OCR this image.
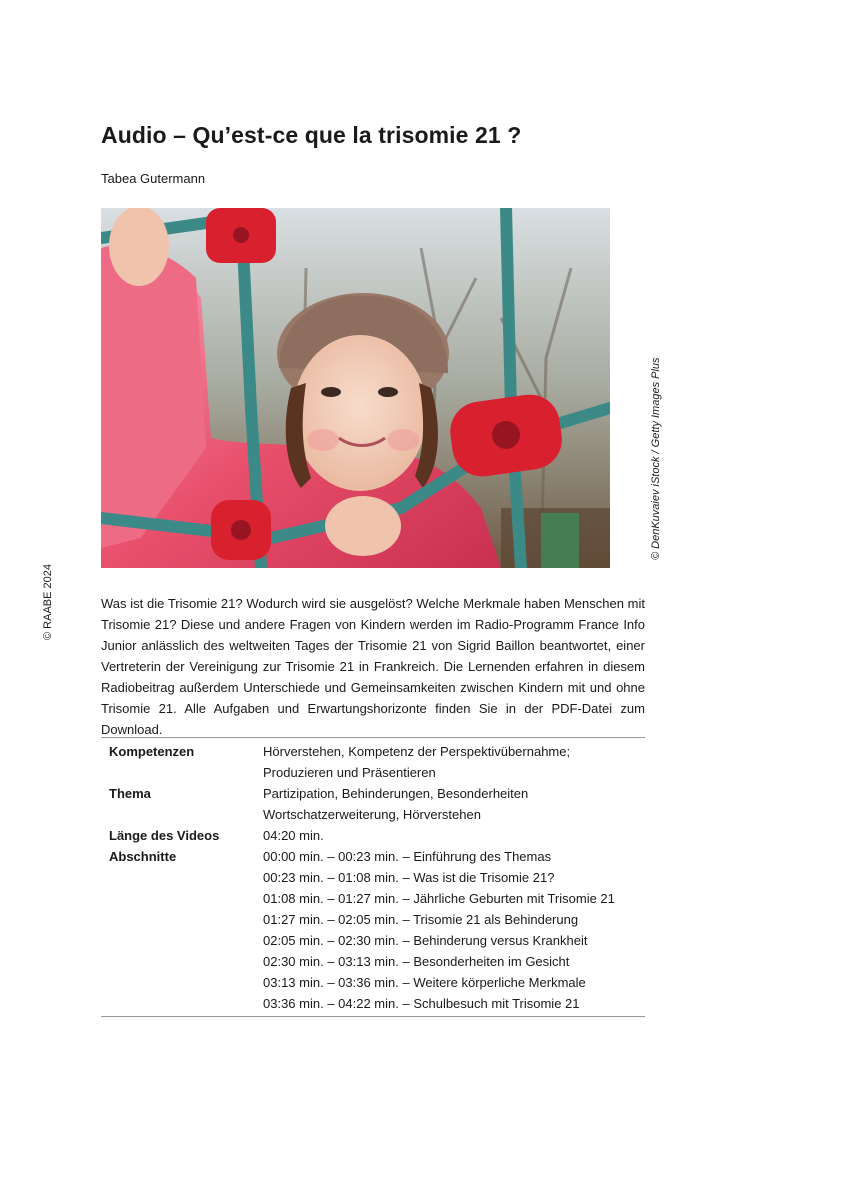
Audio – Qu’est-ce que la trisomie 21 ?
Tabea Gutermann
© DenKuvaiev iStock / Getty Images Plus
© RAABE 2024	Was ist die Trisomie 21? Wodurch wird sie ausgelöst? Welche Merkmale haben Menschen mit Trisomie 21? Diese und andere Fragen von Kindern werden im Radio-Programm France Info Junior anlässlich des weltweiten Tages der Trisomie 21 von Sigrid Baillon beantwortet, einer Vertreterin der Vereinigung zur Trisomie 21 in Frankreich. Die Lernenden erfahren in diesem Radiobeitrag außerdem Unterschiede und Gemeinsamkeiten zwischen Kindern mit und ohne Trisomie 21. Alle Aufgaben und Erwartungshorizonte finden Sie in der PDF-Datei zum Download.

Kompetenzen	Hörverstehen, Kompetenz der Perspektivübernahme;
Produzieren und Präsentieren
Thema	Partizipation, Behinderungen, Besonderheiten
Wortschatzerweiterung, Hörverstehen
Länge des Videos	04:20 min.
Abschnitte	00:00 min. – 00:23 min. – Einführung des Themas
00:23 min. – 01:08 min. – Was ist die Trisomie 21?
01:08 min. – 01:27 min. – Jährliche Geburten mit Trisomie 21
01:27 min. – 02:05 min. – Trisomie 21 als Behinderung
02:05 min. – 02:30 min. – Behinderung versus Krankheit
02:30 min. – 03:13 min. – Besonderheiten im Gesicht
03:13 min. – 03:36 min. – Weitere körperliche Merkmale
03:36 min. – 04:22 min. – Schulbesuch mit Trisomie 21
